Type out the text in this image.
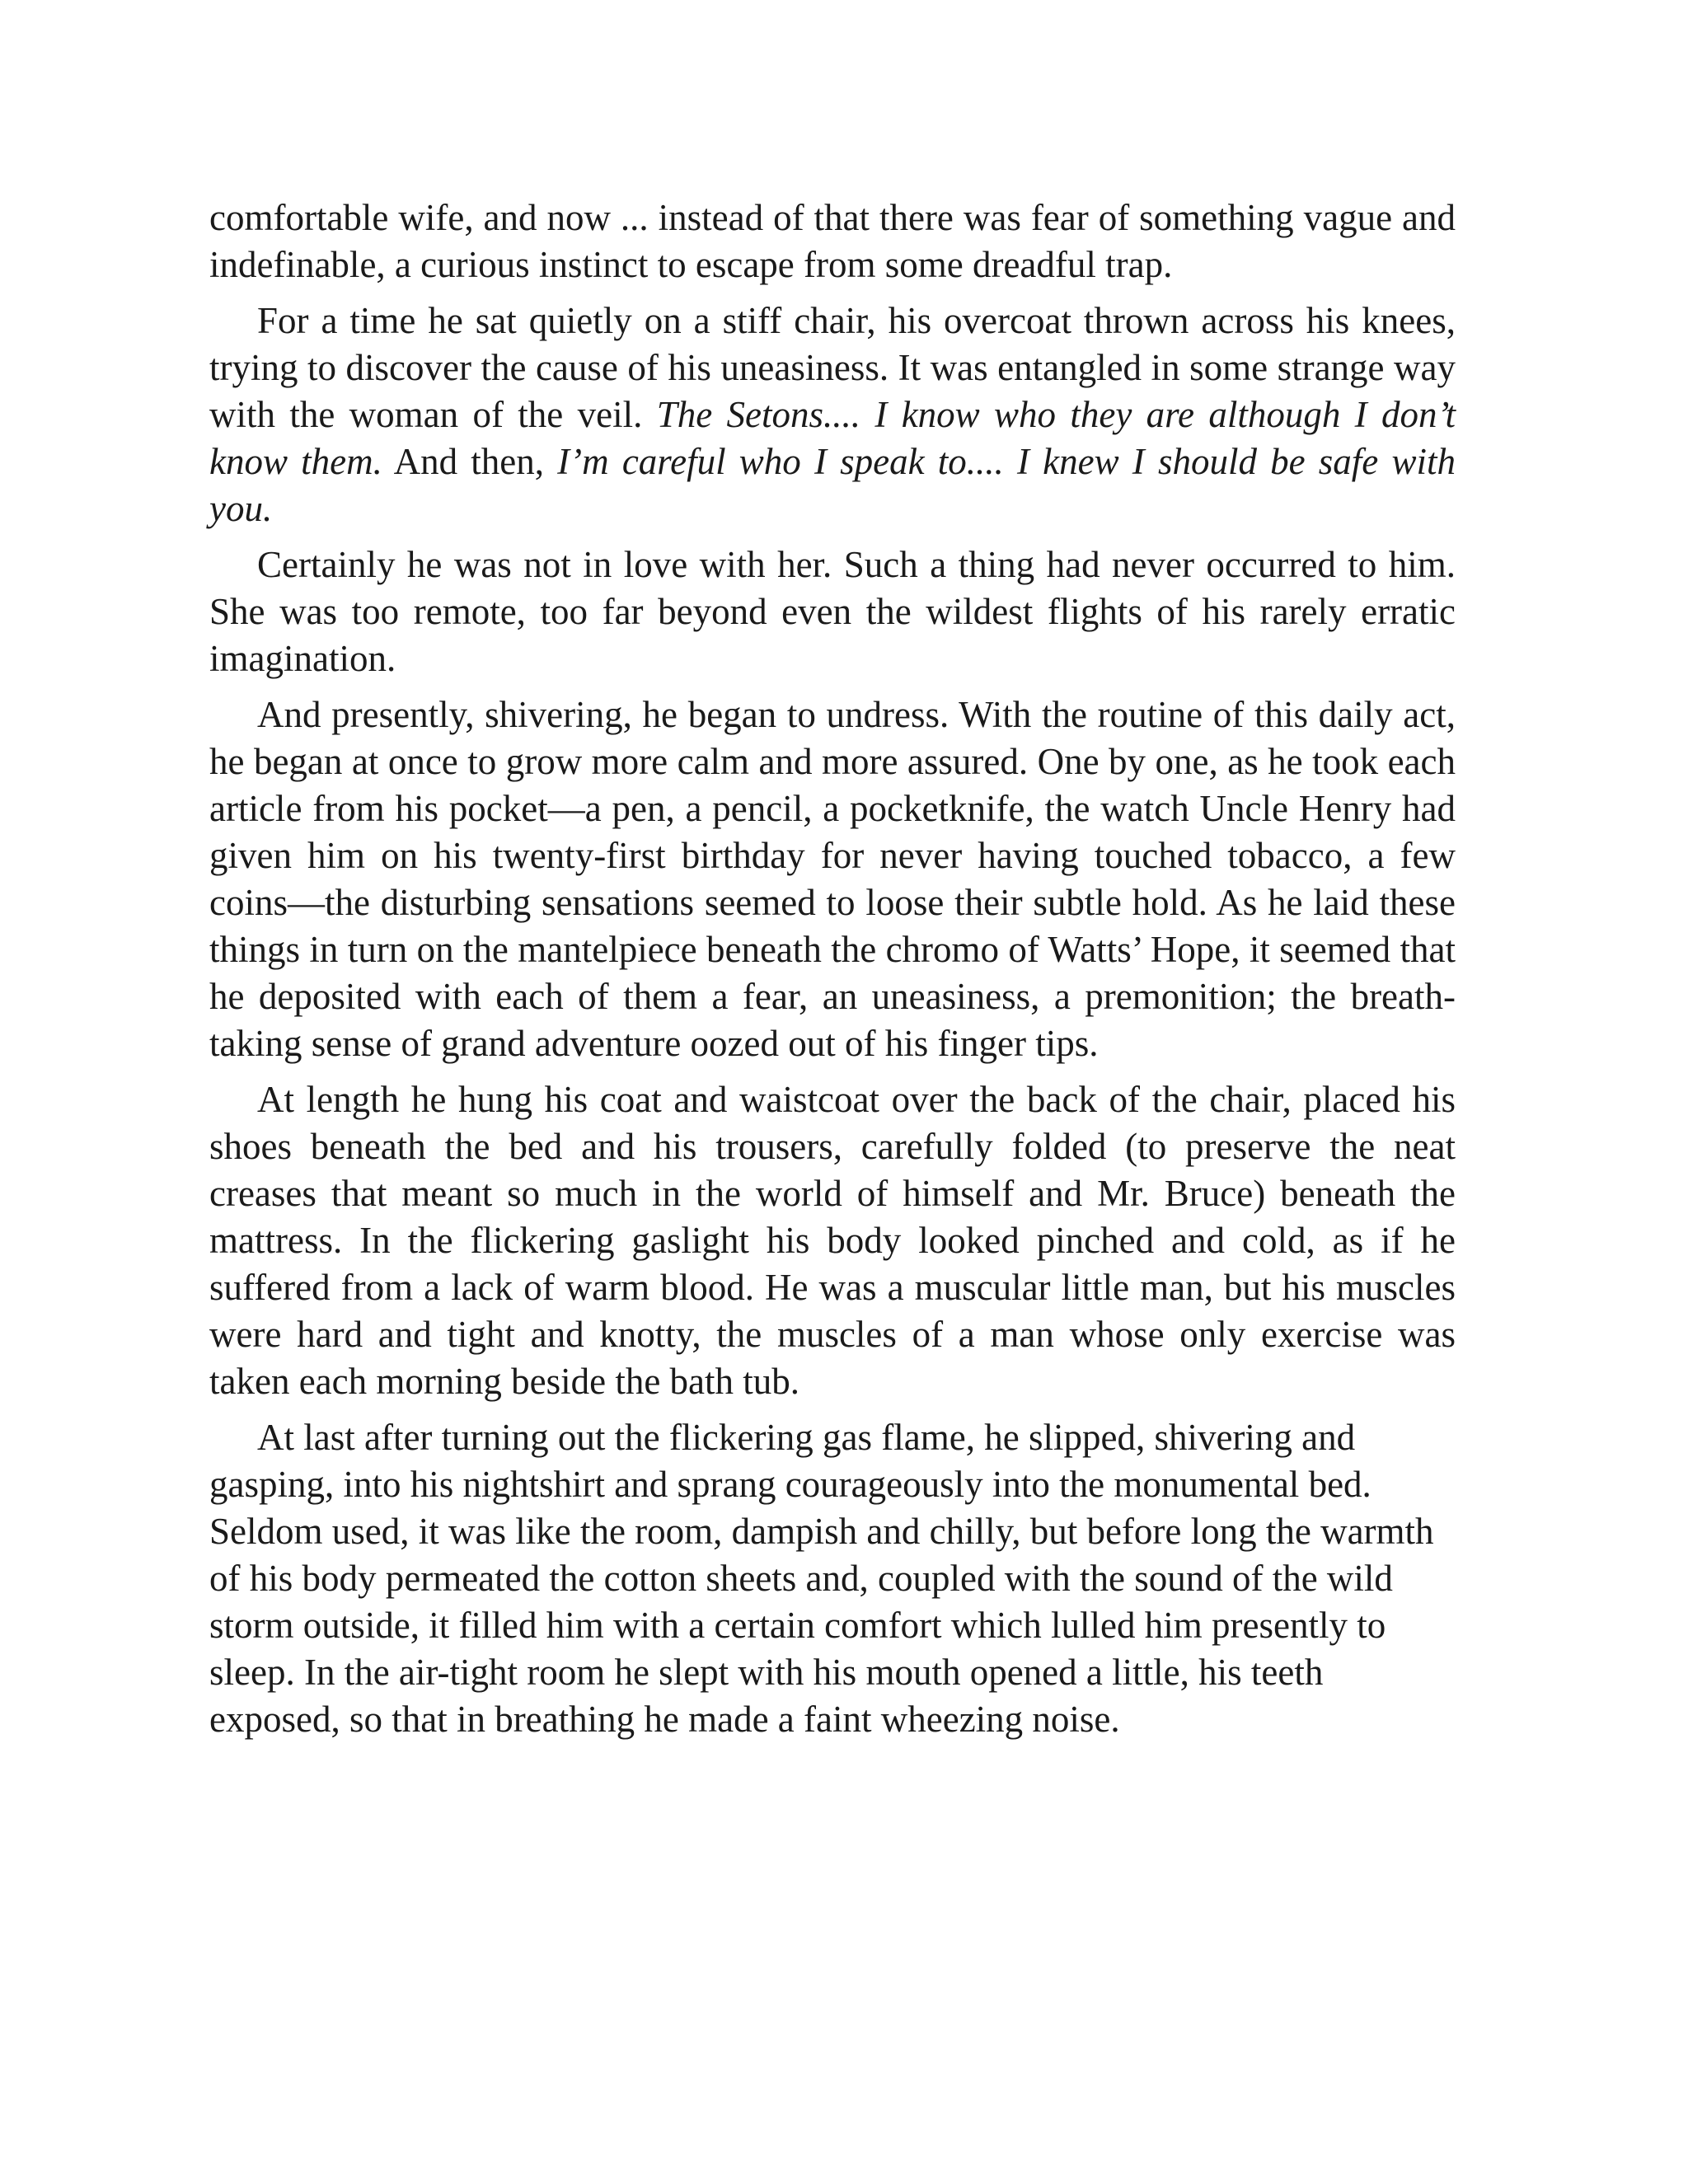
comfortable wife, and now ... instead of that there was fear of something vague and indefinable, a curious instinct to escape from some dreadful trap.

For a time he sat quietly on a stiff chair, his overcoat thrown across his knees, trying to discover the cause of his uneasiness. It was entangled in some strange way with the woman of the veil. The Setons.... I know who they are although I don’t know them. And then, I’m careful who I speak to.... I knew I should be safe with you.

Certainly he was not in love with her. Such a thing had never occurred to him. She was too remote, too far beyond even the wildest flights of his rarely erratic imagination.

And presently, shivering, he began to undress. With the routine of this daily act, he began at once to grow more calm and more assured. One by one, as he took each article from his pocket—a pen, a pencil, a pocketknife, the watch Uncle Henry had given him on his twenty-first birthday for never having touched tobacco, a few coins—the disturbing sensations seemed to loose their subtle hold. As he laid these things in turn on the mantelpiece beneath the chromo of Watts’ Hope, it seemed that he deposited with each of them a fear, an uneasiness, a premonition; the breath-taking sense of grand adventure oozed out of his finger tips.

At length he hung his coat and waistcoat over the back of the chair, placed his shoes beneath the bed and his trousers, carefully folded (to preserve the neat creases that meant so much in the world of himself and Mr. Bruce) beneath the mattress. In the flickering gaslight his body looked pinched and cold, as if he suffered from a lack of warm blood. He was a muscular little man, but his muscles were hard and tight and knotty, the muscles of a man whose only exercise was taken each morning beside the bath tub.

At last after turning out the flickering gas flame, he slipped, shivering and gasping, into his nightshirt and sprang courageously into the monumental bed. Seldom used, it was like the room, dampish and chilly, but before long the warmth of his body permeated the cotton sheets and, coupled with the sound of the wild storm outside, it filled him with a certain comfort which lulled him presently to sleep. In the air-tight room he slept with his mouth opened a little, his teeth exposed, so that in breathing he made a faint wheezing noise.
